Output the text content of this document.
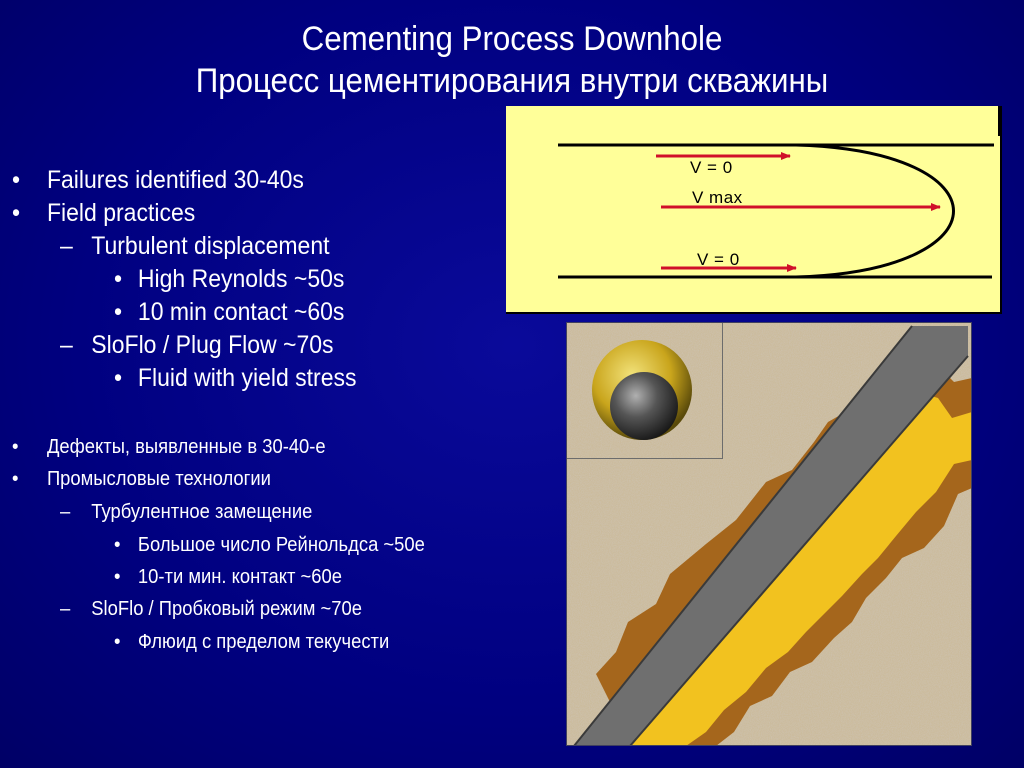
Cementing Process Downhole
Процесс цементирования внутри скважины
• Failures identified 30-40s
• Field practices
– Turbulent displacement
• High Reynolds ~50s
• 10 min contact ~60s
– SloFlo / Plug Flow ~70s
• Fluid with yield stress
• Дефекты, выявленные в 30-40-е
• Промысловые технологии
– Турбулентное замещение
• Большое число Рейнольдса ~50е
• 10-ти мин. контакт ~60е
– SloFlo / Пробковый режим ~70е
• Флюид с пределом текучести
V = 0
V max
V = 0
